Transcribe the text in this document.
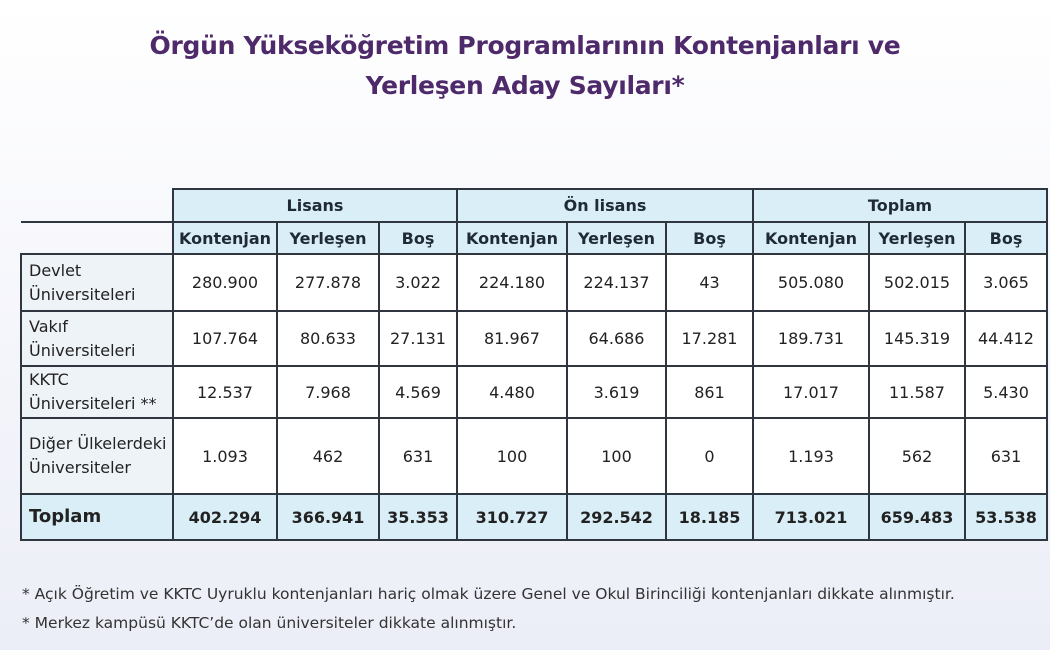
Örgün Yükseköğretim Programlarının Kontenjanları ve
Yerleşen Aday Sayıları*
	Lisans			Ön lisans			Toplam		
	Kontenjan	Yerleşen	Boş	Kontenjan	Yerleşen	Boş	Kontenjan	Yerleşen	Boş
Devlet Üniversiteleri	280.900	277.878	3.022	224.180	224.137	43	505.080	502.015	3.065
Vakıf Üniversiteleri	107.764	80.633	27.131	81.967	64.686	17.281	189.731	145.319	44.412
KKTC Üniversiteleri **	12.537	7.968	4.569	4.480	3.619	861	17.017	11.587	5.430
Diğer Ülkelerdeki Üniversiteler	1.093	462	631	100	100	0	1.193	562	631
Toplam	402.294	366.941	35.353	310.727	292.542	18.185	713.021	659.483	53.538
* Açık Öğretim ve KKTC Uyruklu kontenjanları hariç olmak üzere Genel ve Okul Birinciliği kontenjanları dikkate alınmıştır.
* Merkez kampüsü KKTC’de olan üniversiteler dikkate alınmıştır.
